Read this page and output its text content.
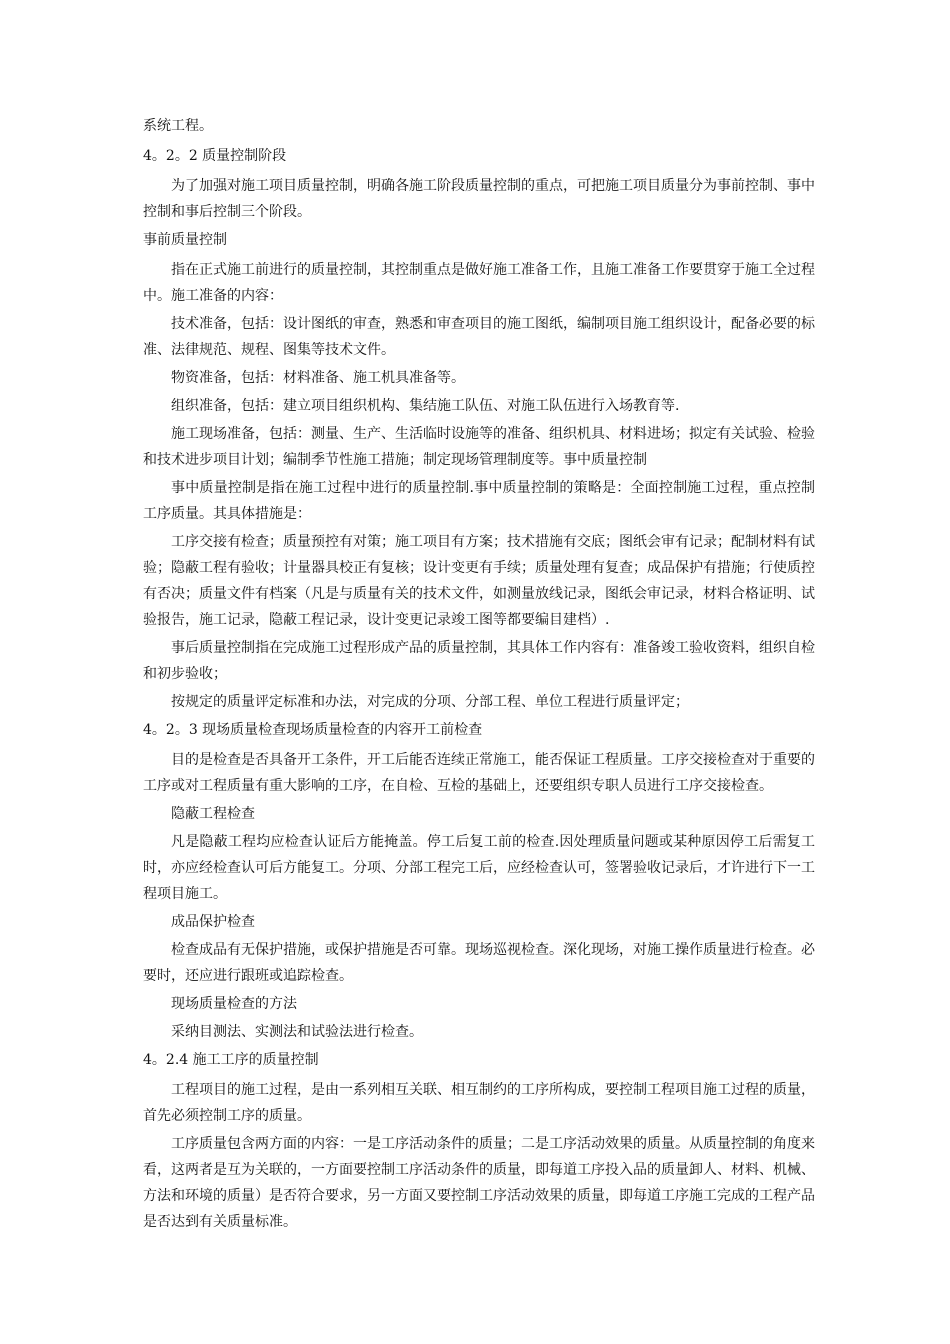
系统工程。
4。2。2 质量控制阶段
为了加强对施工项目质量控制，明确各施工阶段质量控制的重点，可把施工项目质量分为事前控制、事中控制和事后控制三个阶段。
事前质量控制
指在正式施工前进行的质量控制，其控制重点是做好施工准备工作，且施工准备工作要贯穿于施工全过程中。施工准备的内容：
技术准备，包括：设计图纸的审查，熟悉和审查项目的施工图纸，编制项目施工组织设计，配备必要的标准、法律规范、规程、图集等技术文件。
物资准备，包括：材料准备、施工机具准备等。
组织准备，包括：建立项目组织机构、集结施工队伍、对施工队伍进行入场教育等.
施工现场准备，包括：测量、生产、生活临时设施等的准备、组织机具、材料进场；拟定有关试验、检验和技术进步项目计划；编制季节性施工措施；制定现场管理制度等。事中质量控制
事中质量控制是指在施工过程中进行的质量控制.事中质量控制的策略是：全面控制施工过程，重点控制工序质量。其具体措施是：
工序交接有检查；质量预控有对策；施工项目有方案；技术措施有交底；图纸会审有记录；配制材料有试验；隐蔽工程有验收；计量器具校正有复核；设计变更有手续；质量处理有复查；成品保护有措施；行使质控有否决；质量文件有档案（凡是与质量有关的技术文件，如测量放线记录，图纸会审记录，材料合格证明、试验报告，施工记录，隐蔽工程记录，设计变更记录竣工图等都要编目建档）.
事后质量控制指在完成施工过程形成产品的质量控制，其具体工作内容有：准备竣工验收资料，组织自检和初步验收；
按规定的质量评定标准和办法，对完成的分项、分部工程、单位工程进行质量评定；
4。2。3 现场质量检查现场质量检查的内容开工前检查
目的是检查是否具备开工条件，开工后能否连续正常施工，能否保证工程质量。工序交接检查对于重要的工序或对工程质量有重大影响的工序，在自检、互检的基础上，还要组织专职人员进行工序交接检查。
隐蔽工程检查
凡是隐蔽工程均应检查认证后方能掩盖。停工后复工前的检查.因处理质量问题或某种原因停工后需复工时，亦应经检查认可后方能复工。分项、分部工程完工后，应经检查认可，签署验收记录后，才许进行下一工程项目施工。
成品保护检查
检查成品有无保护措施，或保护措施是否可靠。现场巡视检查。深化现场，对施工操作质量进行检查。必要时，还应进行跟班或追踪检查。
现场质量检查的方法
采纳目测法、实测法和试验法进行检查。
4。2.4 施工工序的质量控制
工程项目的施工过程，是由一系列相互关联、相互制约的工序所构成，要控制工程项目施工过程的质量，首先必须控制工序的质量。
工序质量包含两方面的内容：一是工序活动条件的质量；二是工序活动效果的质量。从质量控制的角度来看，这两者是互为关联的，一方面要控制工序活动条件的质量，即每道工序投入品的质量卸人、材料、机械、方法和环境的质量）是否符合要求，另一方面又要控制工序活动效果的质量，即每道工序施工完成的工程产品是否达到有关质量标准。
